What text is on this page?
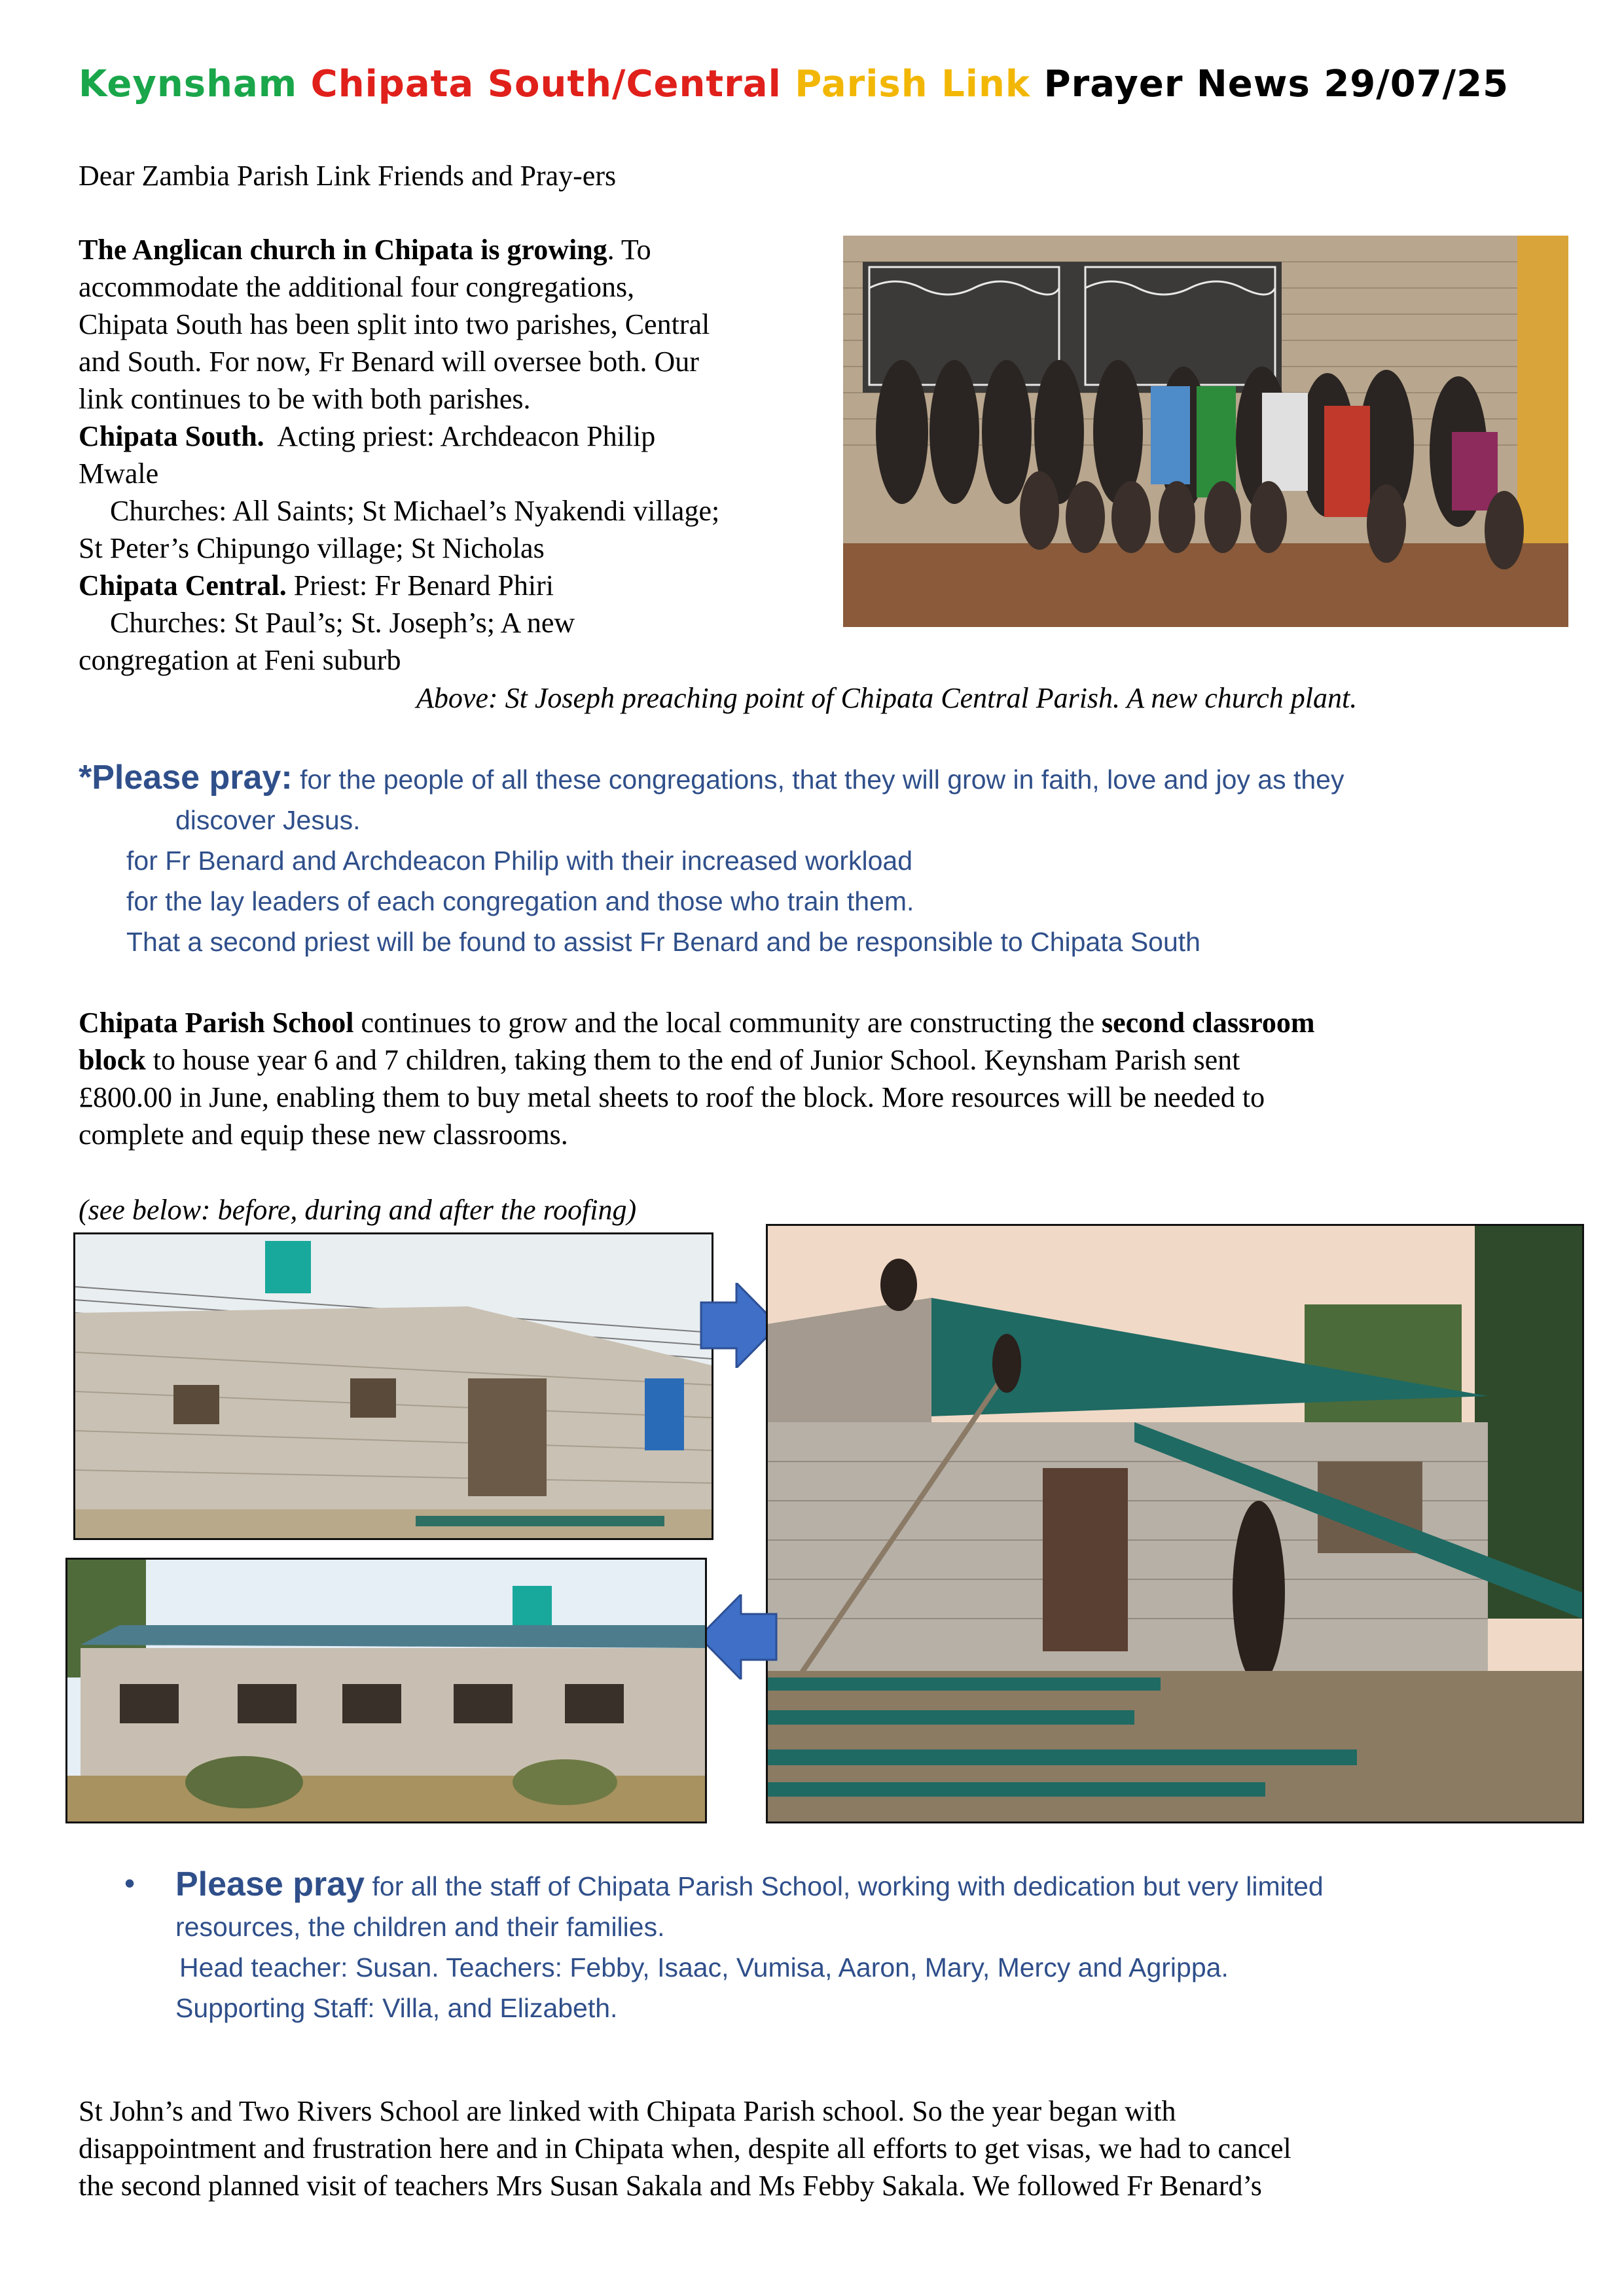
Keynsham Chipata South/Central Parish Link Prayer News 29/07/25
Dear Zambia Parish Link Friends and Pray-ers
The Anglican church in Chipata is growing. To
accommodate the additional four congregations,
Chipata South has been split into two parishes, Central
and South. For now, Fr Benard will oversee both. Our
link continues to be with both parishes.
Chipata South. Acting priest: Archdeacon Philip
Mwale
Churches: All Saints; St Michael’s Nyakendi village;
St Peter’s Chipungo village; St Nicholas
Chipata Central. Priest: Fr Benard Phiri
Churches: St Paul’s; St. Joseph’s; A new
congregation at Feni suburb
Above: St Joseph preaching point of Chipata Central Parish. A new church plant.
*Please pray: for the people of all these congregations, that they will grow in faith, love and joy as they
discover Jesus.
for Fr Benard and Archdeacon Philip with their increased workload
for the lay leaders of each congregation and those who train them.
That a second priest will be found to assist Fr Benard and be responsible to Chipata South
Chipata Parish School continues to grow and the local community are constructing the second classroom
block to house year 6 and 7 children, taking them to the end of Junior School. Keynsham Parish sent
£800.00 in June, enabling them to buy metal sheets to roof the block. More resources will be needed to
complete and equip these new classrooms.
(see below: before, during and after the roofing)
• Please pray for all the staff of Chipata Parish School, working with dedication but very limited
resources, the children and their families.
Head teacher: Susan. Teachers: Febby, Isaac, Vumisa, Aaron, Mary, Mercy and Agrippa.
Supporting Staff: Villa, and Elizabeth.
St John’s and Two Rivers School are linked with Chipata Parish school. So the year began with
disappointment and frustration here and in Chipata when, despite all efforts to get visas, we had to cancel
the second planned visit of teachers Mrs Susan Sakala and Ms Febby Sakala. We followed Fr Benard’s
